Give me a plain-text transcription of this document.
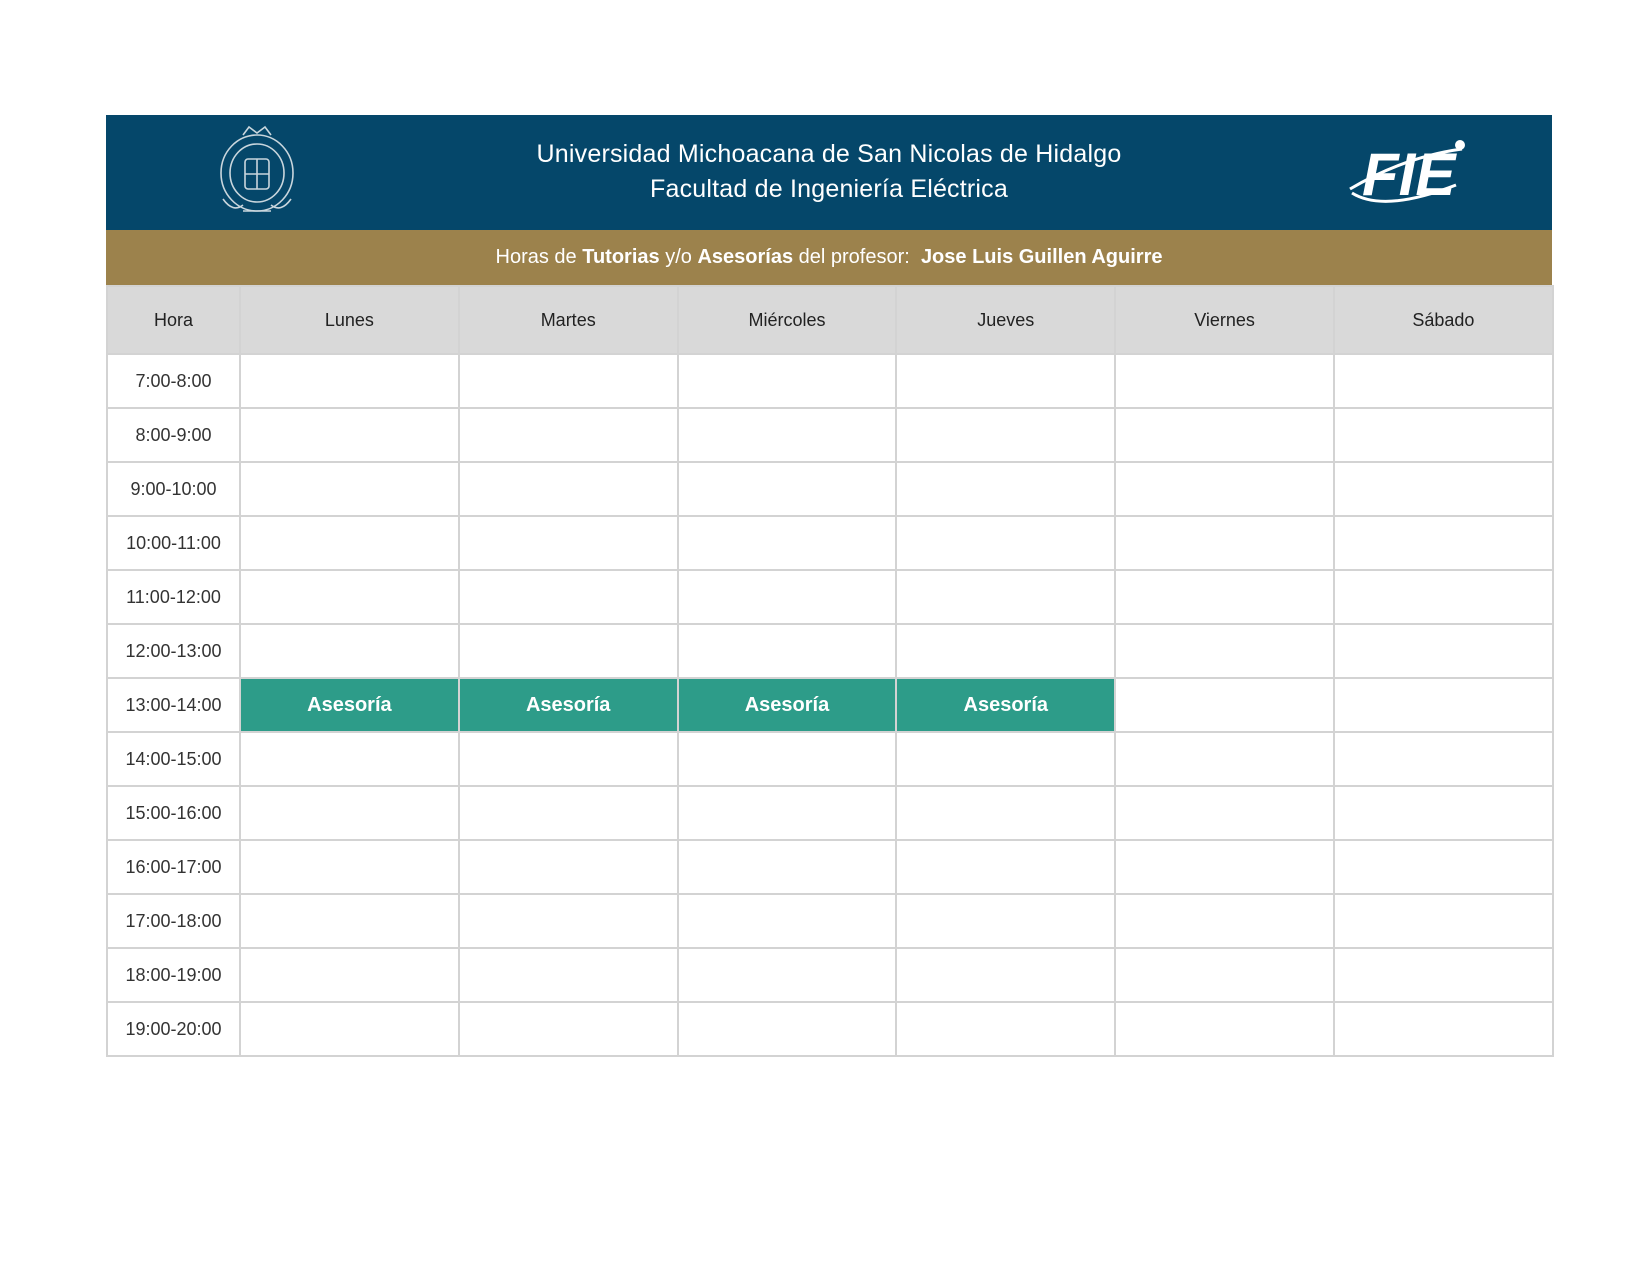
Universidad Michoacana de San Nicolas de Hidalgo
Facultad de Ingeniería Eléctrica	FIE
Horas de Tutorias y/o Asesorías del profesor: Jose Luis Guillen Aguirre
Hora	Lunes	Martes	Miércoles	Jueves	Viernes	Sábado
7:00-8:00						
8:00-9:00						
9:00-10:00						
10:00-11:00						
11:00-12:00						
12:00-13:00						
13:00-14:00	Asesoría	Asesoría	Asesoría	Asesoría		
14:00-15:00						
15:00-16:00						
16:00-17:00						
17:00-18:00						
18:00-19:00						
19:00-20:00						
